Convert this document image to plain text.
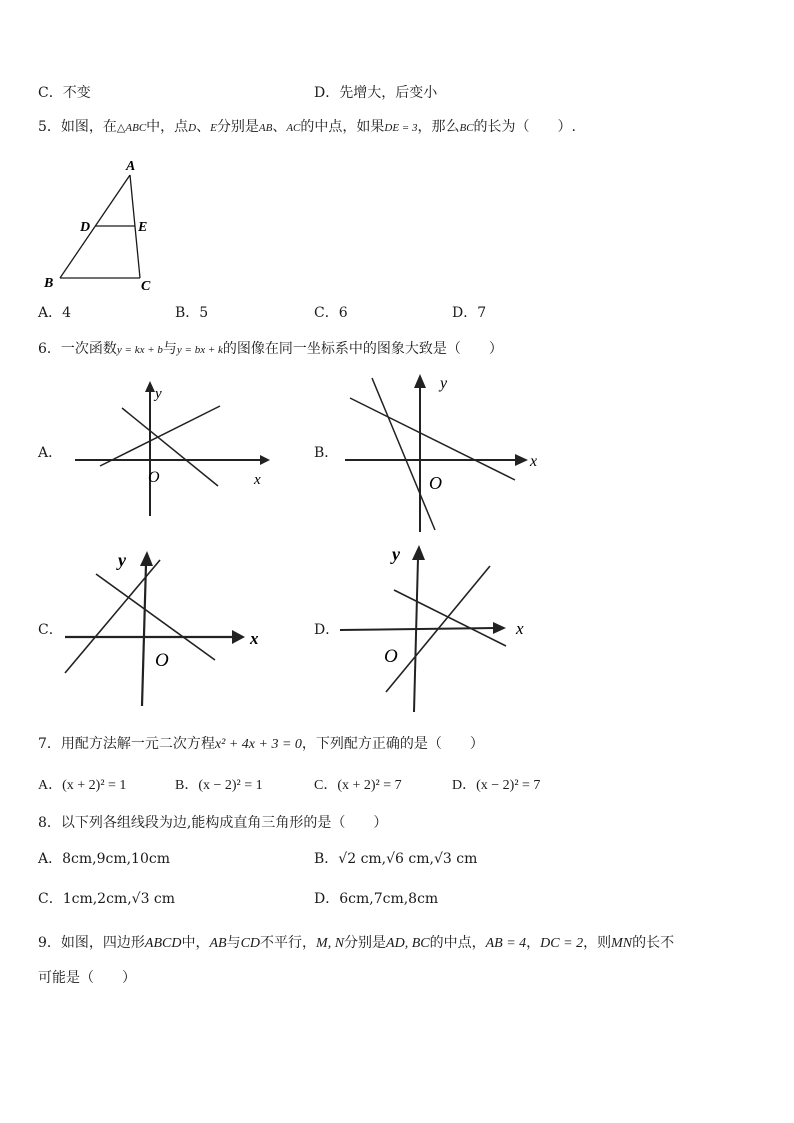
C．不变	D．先增大，后变小
5．如图，在△ABC中，点D、E分别是AB、AC的中点，如果DE = 3，那么BC的长为（　　）.
A
D	E
B	C
A．4	B．5	C．6	D．7
6．一次函数y = kx + b与y = bx + k的图像在同一坐标系中的图象大致是（　　）
A．
y
O	x
B．
y
O
x
C．
y
O
x	D．
y
O
x
7．用配方法解一元二次方程x² + 4x + 3 = 0，下列配方正确的是（　　）
A．(x + 2)² = 1	B．(x − 2)² = 1	C．(x + 2)² = 7	D．(x − 2)² = 7
8．以下列各组线段为边,能构成直角三角形的是（　　）
A．8cm,9cm,10cm	B．√2 cm,√6 cm,√3 cm
C．1cm,2cm,√3 cm	D．6cm,7cm,8cm
9．如图，四边形ABCD中，AB与CD不平行，M, N分别是AD, BC的中点，AB = 4，DC = 2，则MN的长不
可能是（　　）
